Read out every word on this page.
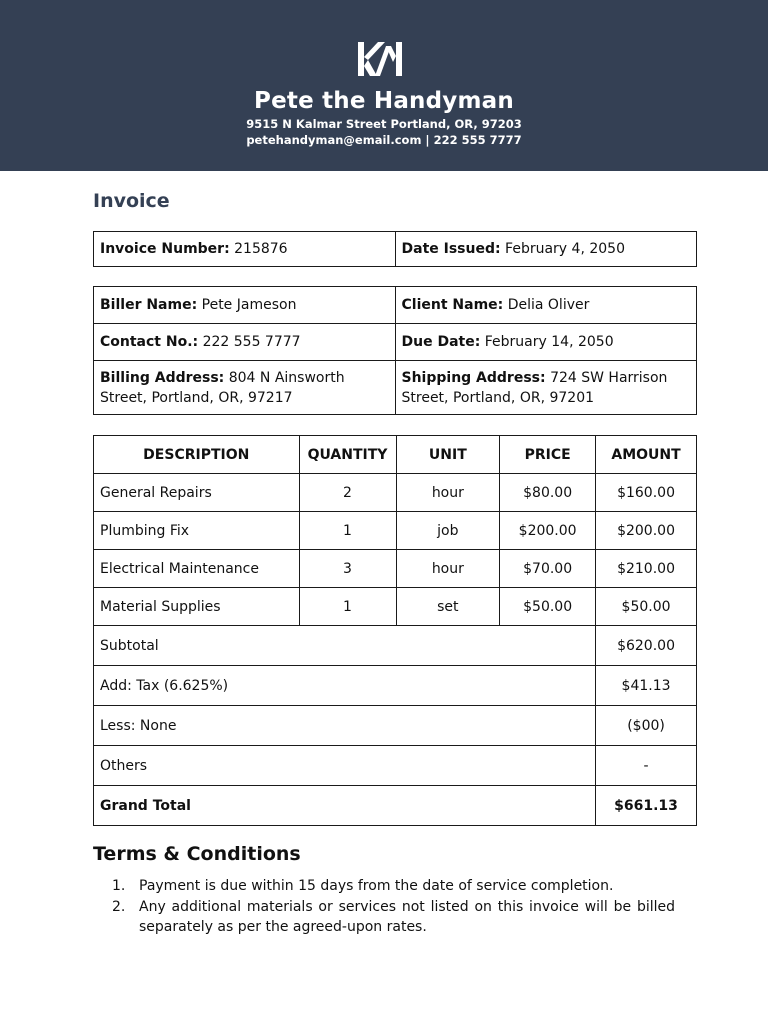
Pete the Handyman
9515 N Kalmar Street Portland, OR, 97203
petehandyman@email.com | 222 555 7777
Invoice
Invoice Number: 215876	Date Issued: February 4, 2050
Biller Name: Pete Jameson	Client Name: Delia Oliver
Contact No.: 222 555 7777	Due Date: February 14, 2050
Billing Address: 804 N Ainsworth Street, Portland, OR, 97217	Shipping Address: 724 SW Harrison Street, Portland, OR, 97201
DESCRIPTION	QUANTITY	UNIT	PRICE	AMOUNT
General Repairs	2	hour	$80.00	$160.00
Plumbing Fix	1	job	$200.00	$200.00
Electrical Maintenance	3	hour	$70.00	$210.00
Material Supplies	1	set	$50.00	$50.00
Subtotal				$620.00
Add: Tax (6.625%)				$41.13
Less: None				($00)
Others				-
Grand Total				$661.13
Terms & Conditions
1. Payment is due within 15 days from the date of service completion.
2. Any additional materials or services not listed on this invoice will be billed separately as per the agreed-upon rates.
